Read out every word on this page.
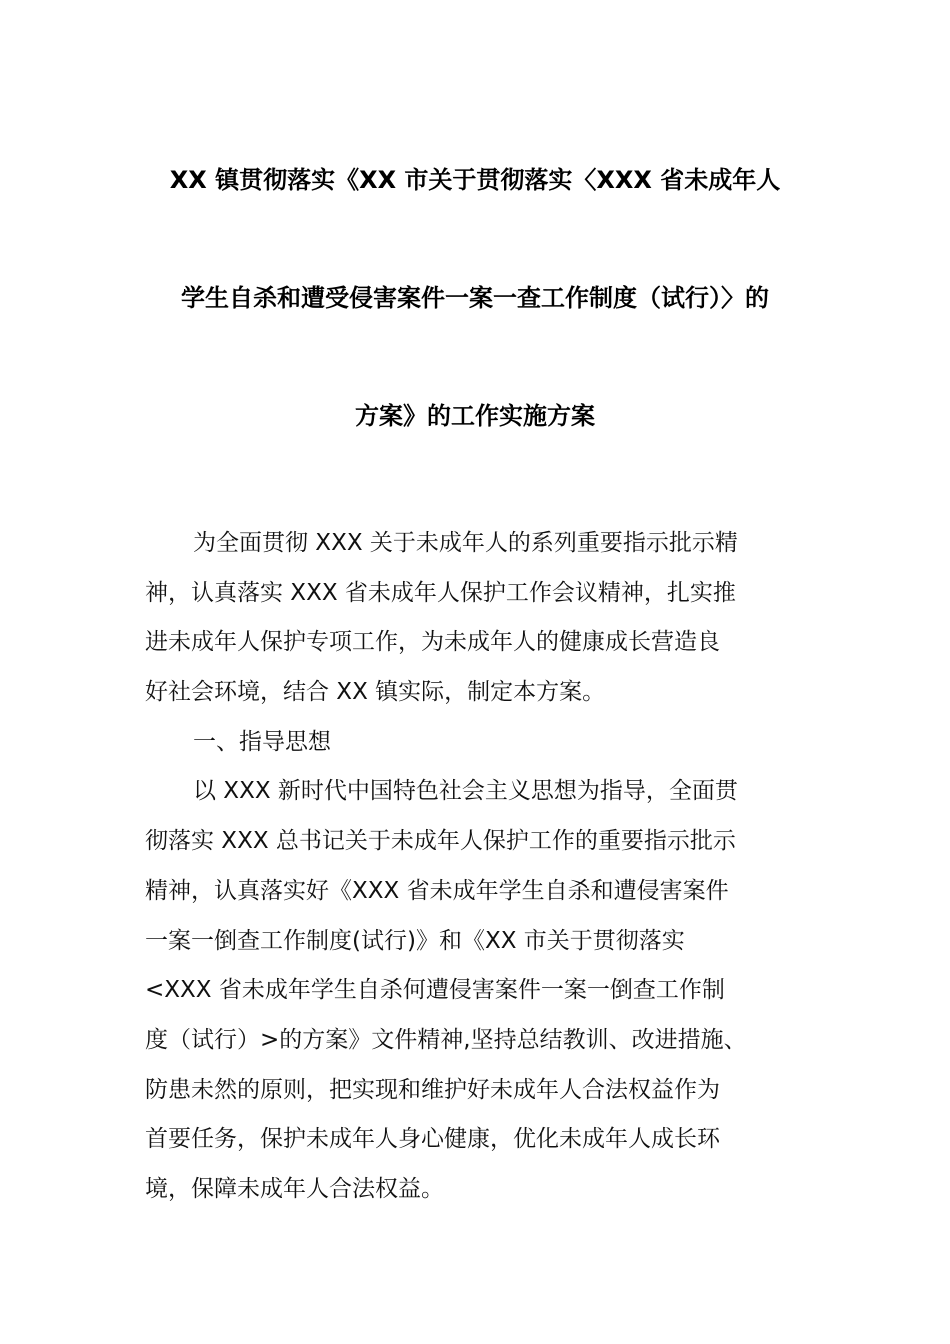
XX 镇贯彻落实《XX 市关于贯彻落实〈XXX 省未成年人
学生自杀和遭受侵害案件一案一查工作制度（试行）〉的
方案》的工作实施方案
为全面贯彻 XXX 关于未成年人的系列重要指示批示精
神，认真落实 XXX 省未成年人保护工作会议精神，扎实推
进未成年人保护专项工作，为未成年人的健康成长营造良
好社会环境，结合 XX 镇实际，制定本方案。
一、指导思想
以 XXX 新时代中国特色社会主义思想为指导，全面贯
彻落实 XXX 总书记关于未成年人保护工作的重要指示批示
精神，认真落实好《XXX 省未成年学生自杀和遭侵害案件
一案一倒查工作制度(试行)》和《XX 市关于贯彻落实
<XXX 省未成年学生自杀何遭侵害案件一案一倒查工作制
度（试行）>的方案》文件精神,坚持总结教训、改进措施、
防患未然的原则，把实现和维护好未成年人合法权益作为
首要任务，保护未成年人身心健康，优化未成年人成长环
境，保障未成年人合法权益。
